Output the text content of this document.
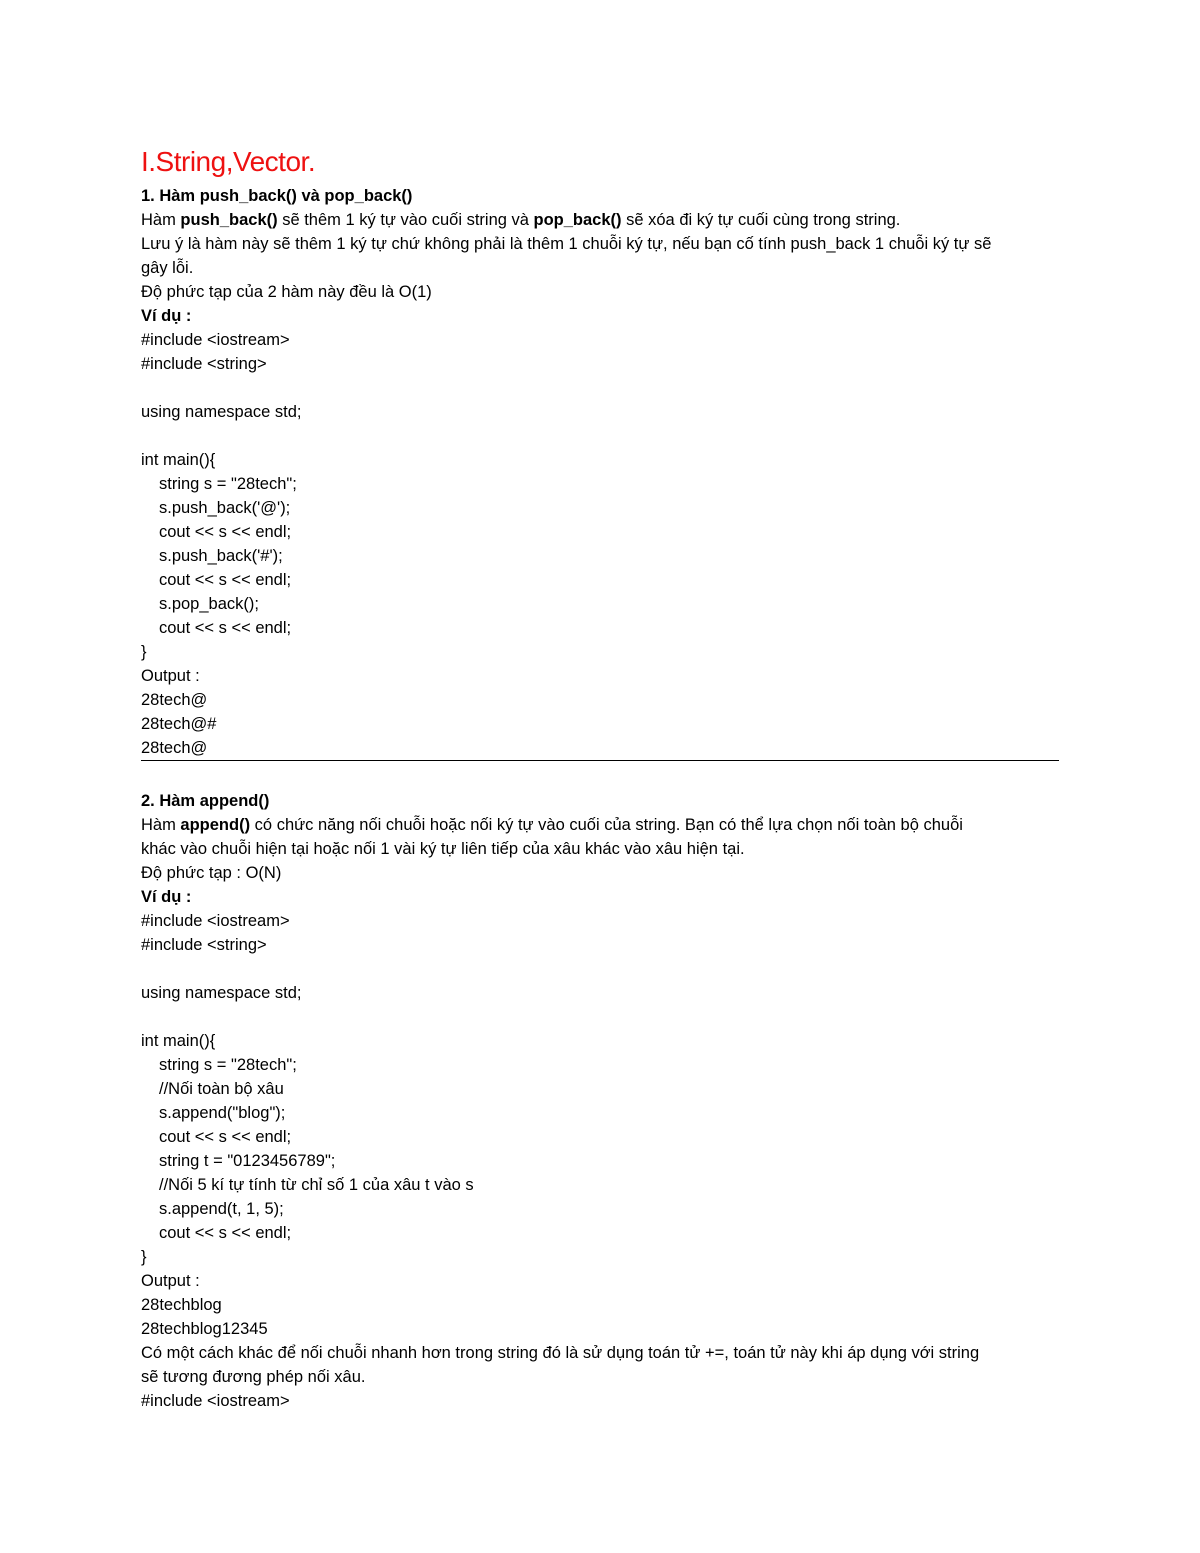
I.String,Vector.
1. Hàm push_back() và pop_back()
Hàm push_back() sẽ thêm 1 ký tự vào cuối string và pop_back() sẽ xóa đi ký tự cuối cùng trong string.
Lưu ý là hàm này sẽ thêm 1 ký tự chứ không phải là thêm 1 chuỗi ký tự, nếu bạn cố tính push_back 1 chuỗi ký tự sẽ
gây lỗi.
Độ phức tạp của 2 hàm này đều là O(1)
Ví dụ :
#include <iostream>
#include <string>
using namespace std;
int main(){
string s = "28tech";
s.push_back('@');
cout << s << endl;
s.push_back('#');
cout << s << endl;
s.pop_back();
cout << s << endl;
}
Output :
28tech@
28tech@#
28tech@
2. Hàm append()
Hàm append() có chức năng nối chuỗi hoặc nối ký tự vào cuối của string. Bạn có thể lựa chọn nối toàn bộ chuỗi
khác vào chuỗi hiện tại hoặc nối 1 vài ký tự liên tiếp của xâu khác vào xâu hiện tại.
Độ phức tạp : O(N)
Ví dụ :
#include <iostream>
#include <string>
using namespace std;
int main(){
string s = "28tech";
//Nối toàn bộ xâu
s.append("blog");
cout << s << endl;
string t = "0123456789";
//Nối 5 kí tự tính từ chỉ số 1 của xâu t vào s
s.append(t, 1, 5);
cout << s << endl;
}
Output :
28techblog
28techblog12345
Có một cách khác để nối chuỗi nhanh hơn trong string đó là sử dụng toán tử +=, toán tử này khi áp dụng với string
sẽ tương đương phép nối xâu.
#include <iostream>
